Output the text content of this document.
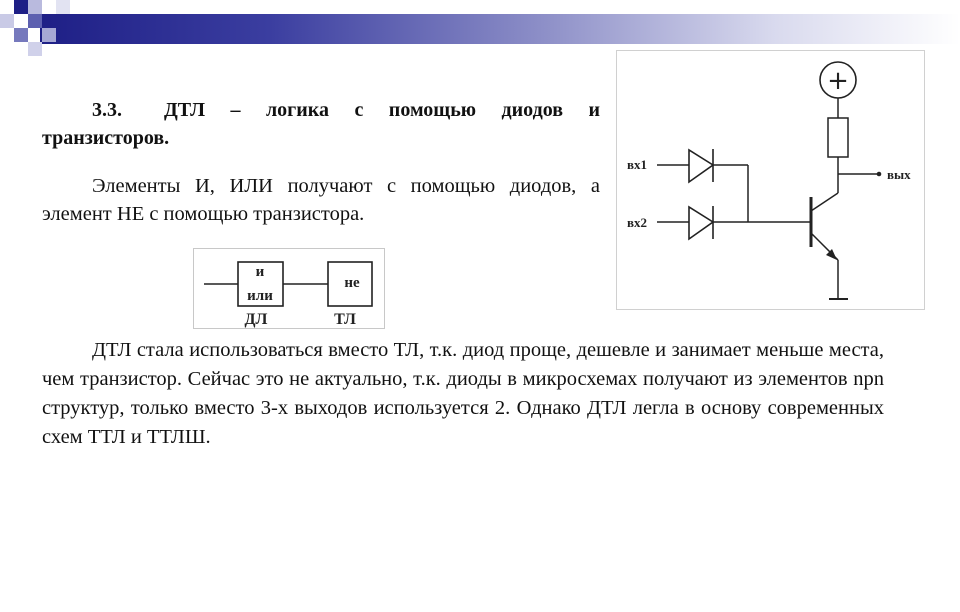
3.3. ДТЛ – логика с помощью диодов и транзисторов.

Элементы И, ИЛИ получают с помощью диодов, а элемент НЕ с помощью транзистора.

и
или
не
ДЛ	ТЛ
+
вых
вх1
вх2

ДТЛ стала использоваться вместо ТЛ, т.к. диод проще, дешевле и занимает меньше места, чем транзистор. Сейчас это не актуально, т.к. диоды в микросхемах получают из элементов npn структур, только вместо 3-х выходов используется 2. Однако ДТЛ легла в основу современных схем ТТЛ и ТТЛШ.
